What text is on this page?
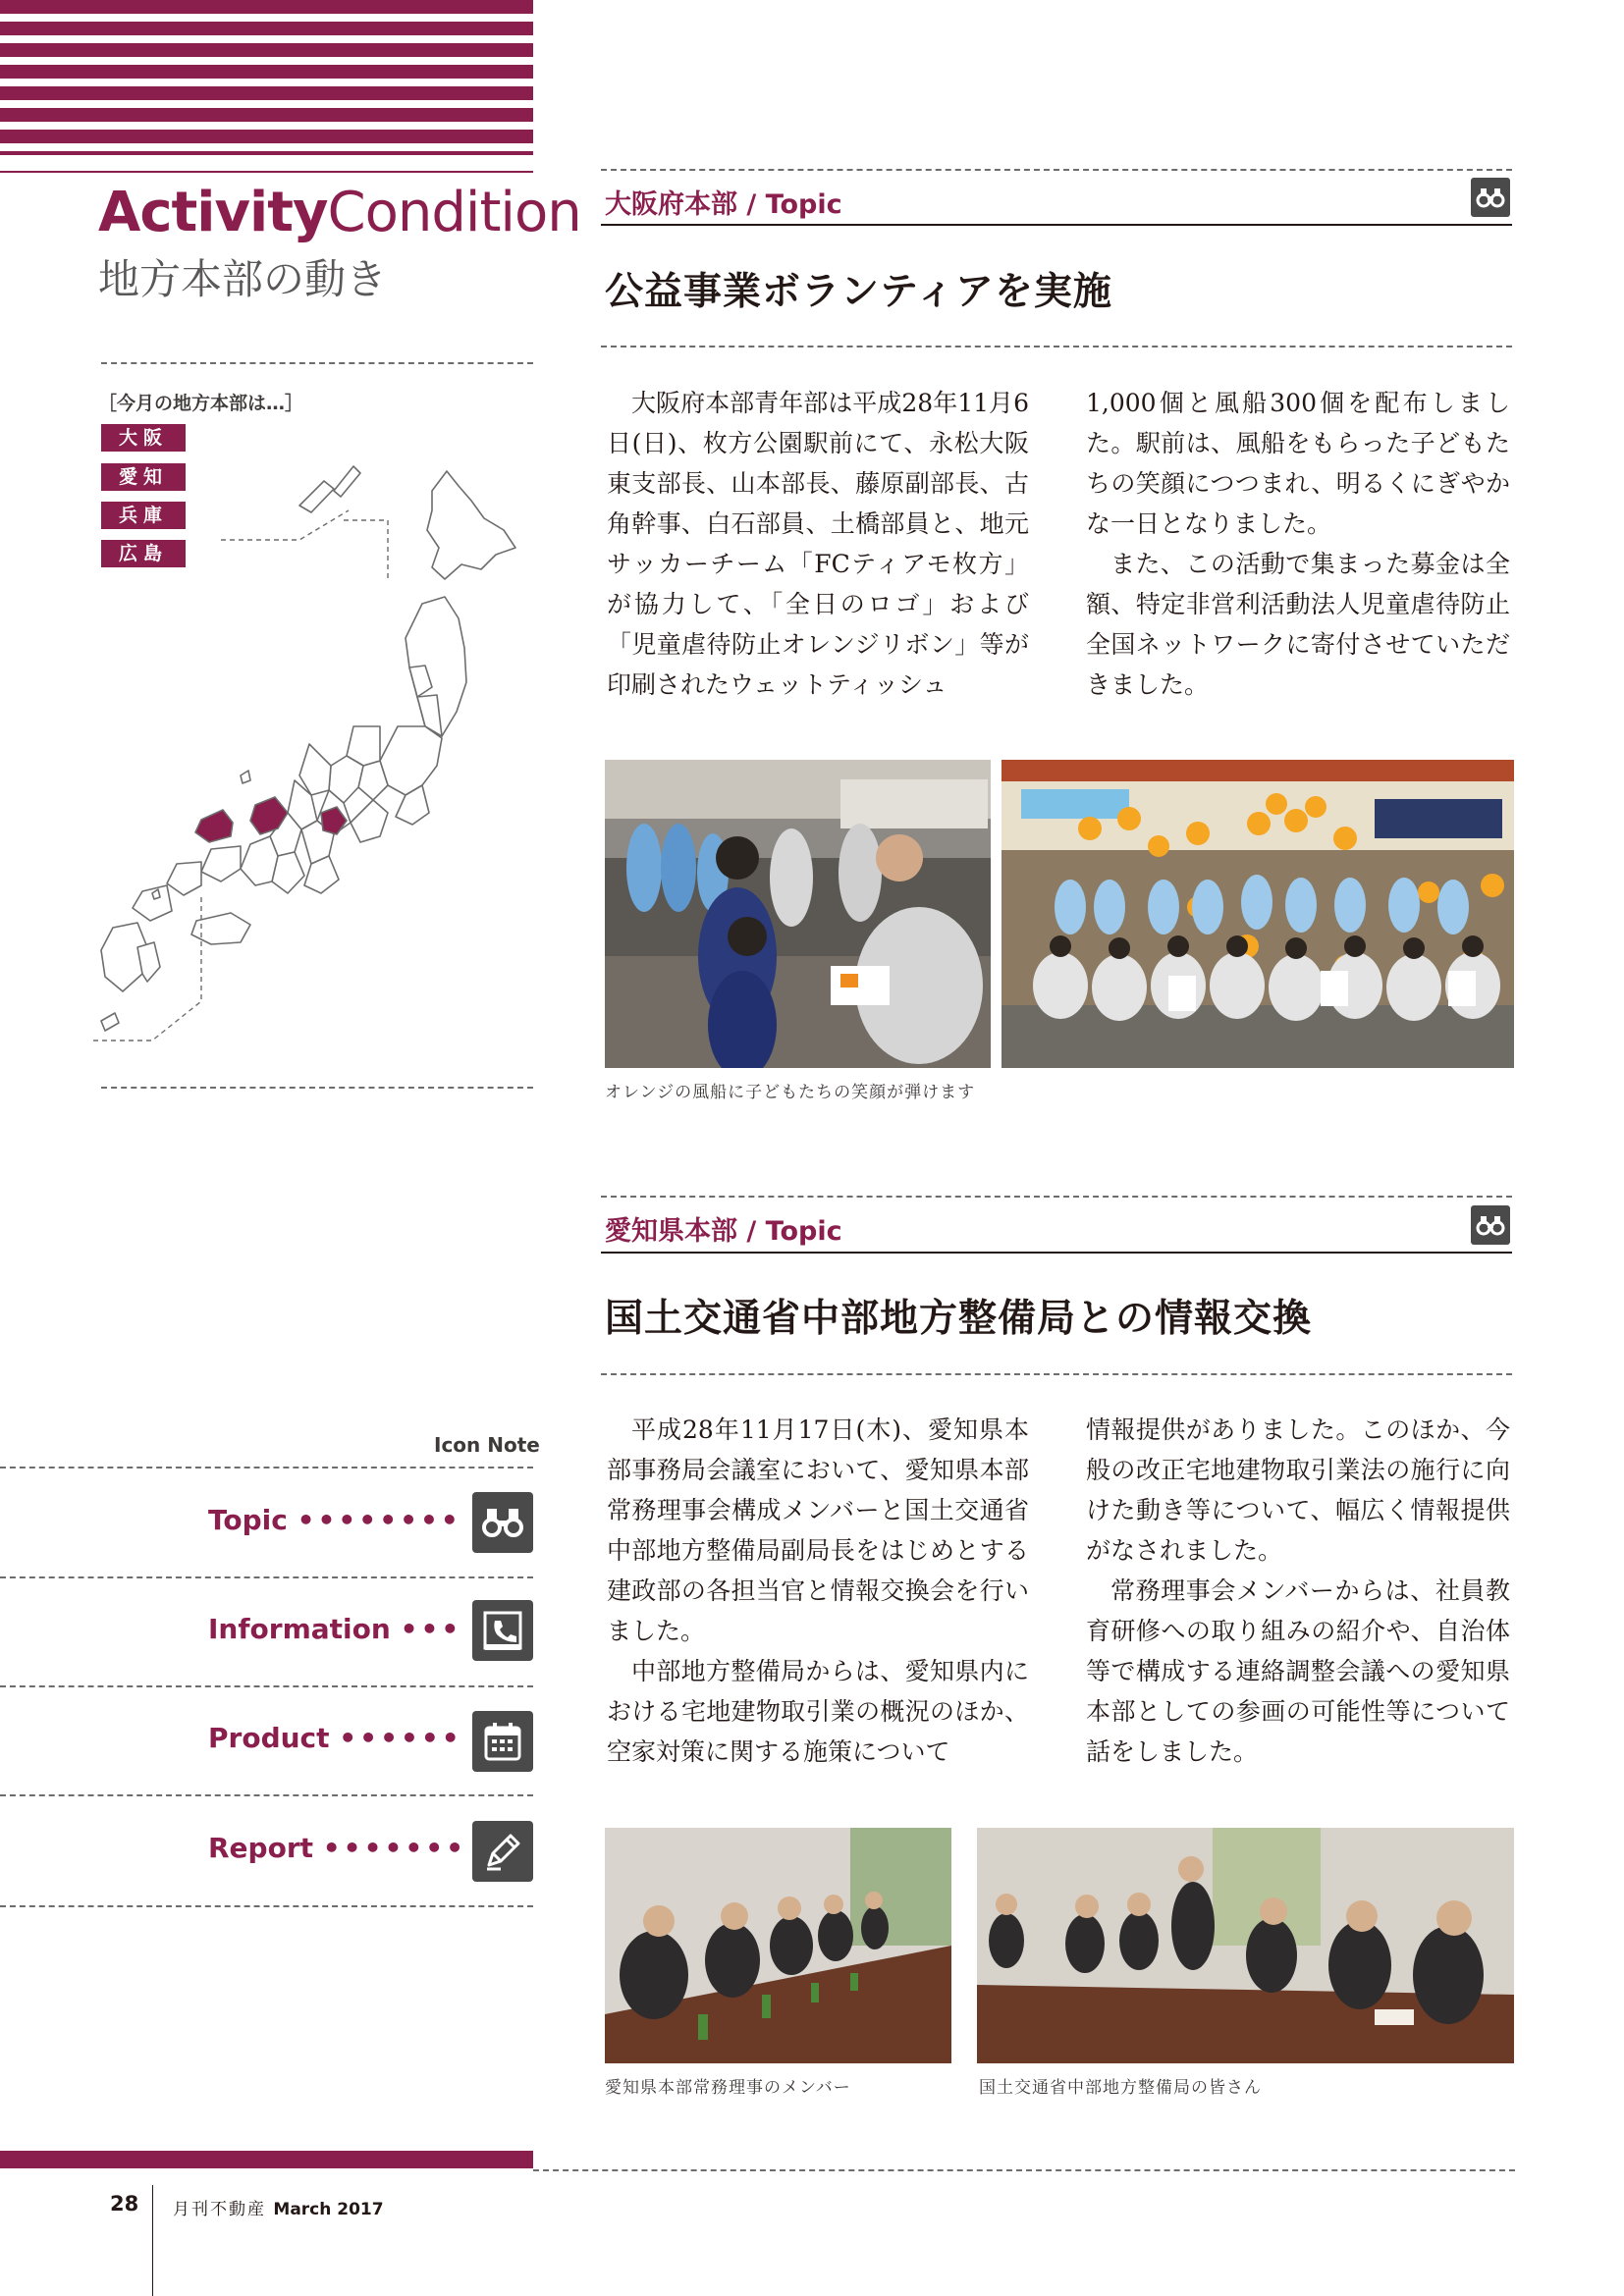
ActivityCondition
地方本部の動き
［今月の地方本部は…］
大阪
愛知
兵庫
広島
大阪府本部 / Topic
公益事業ボランティアを実施

大阪府本部青年部は平成28年11月6日(日)、枚方公園駅前にて、永松大阪東支部長、山本部長、藤原副部長、古角幹事、白石部員、土橋部員と、地元サッカーチーム「FCティアモ枚方」が協力して、「全日のロゴ」および「児童虐待防止オレンジリボン」等が印刷されたウェットティッシュ

1,000個と風船300個を配布しました。駅前は、風船をもらった子どもたちの笑顔につつまれ、明るくにぎやかな一日となりました。

また、この活動で集まった募金は全額、特定非営利活動法人児童虐待防止全国ネットワークに寄付させていただきました。

オレンジの風船に子どもたちの笑顔が弾けます
愛知県本部 / Topic
国土交通省中部地方整備局との情報交換

平成28年11月17日(木)、愛知県本部事務局会議室において、愛知県本部常務理事会構成メンバーと国土交通省中部地方整備局副局長をはじめとする建政部の各担当官と情報交換会を行いました。

中部地方整備局からは、愛知県内における宅地建物取引業の概況のほか、空家対策に関する施策について

情報提供がありました。このほか、今般の改正宅地建物取引業法の施行に向けた動き等について、幅広く情報提供がなされました。

常務理事会メンバーからは、社員教育研修への取り組みの紹介や、自治体等で構成する連絡調整会議への愛知県本部としての参画の可能性等について話をしました。

愛知県本部常務理事のメンバー	国土交通省中部地方整備局の皆さん
Icon Note
Topic ••••••••
Information •••
Product ••••••
Report •••••••
28 月刊不動産 March 2017
